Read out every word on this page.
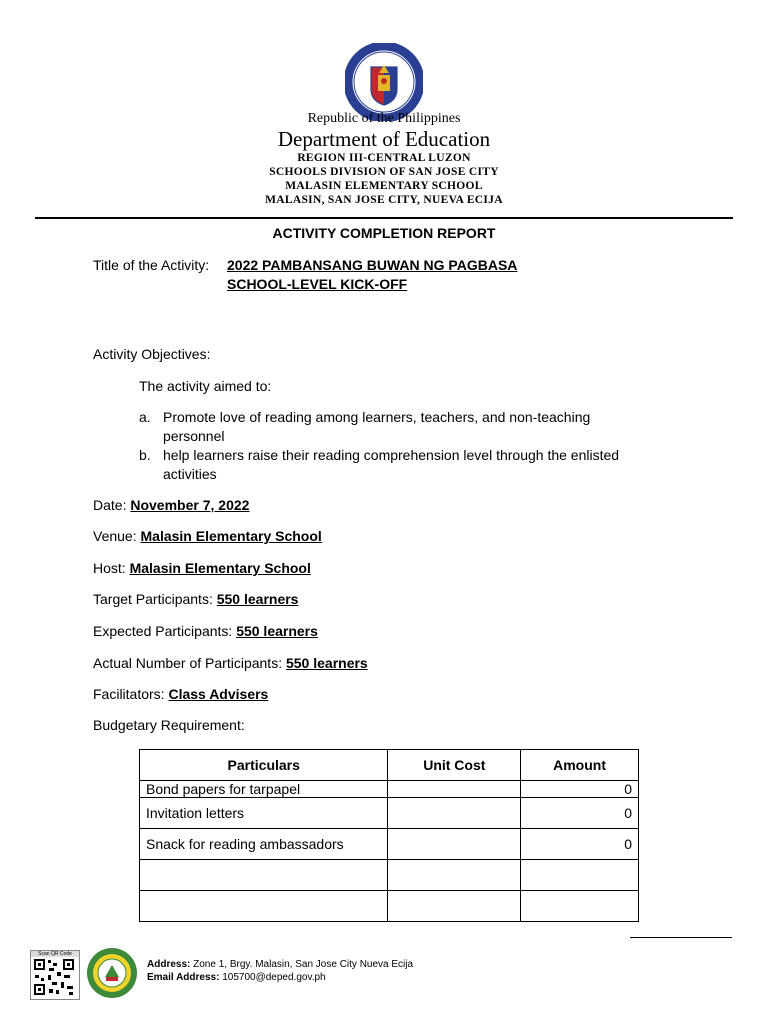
Republic of the Philippines
Department of Education
REGION III-CENTRAL LUZON
SCHOOLS DIVISION OF SAN JOSE CITY
MALASIN ELEMENTARY SCHOOL
MALASIN, SAN JOSE CITY, NUEVA ECIJA
ACTIVITY COMPLETION REPORT
Title of the Activity: 2022 PAMBANSANG BUWAN NG PAGBASA
SCHOOL-LEVEL KICK-OFF
Activity Objectives:
The activity aimed to:
a. Promote love of reading among learners, teachers, and non-teaching
personnel
b. help learners raise their reading comprehension level through the enlisted
activities
Date: November 7, 2022
Venue: Malasin Elementary School
Host: Malasin Elementary School
Target Participants: 550 learners
Expected Participants: 550 learners
Actual Number of Participants: 550 learners
Facilitators: Class Advisers
Budgetary Requirement:
Particulars	Unit Cost	Amount
Bond papers for tarpapel		0
Invitation letters		0
Snack for reading ambassadors		0

Scan QR Code
Address: Zone 1, Brgy. Malasin, San Jose City Nueva Ecija
Email Address: 105700@deped.gov.ph
